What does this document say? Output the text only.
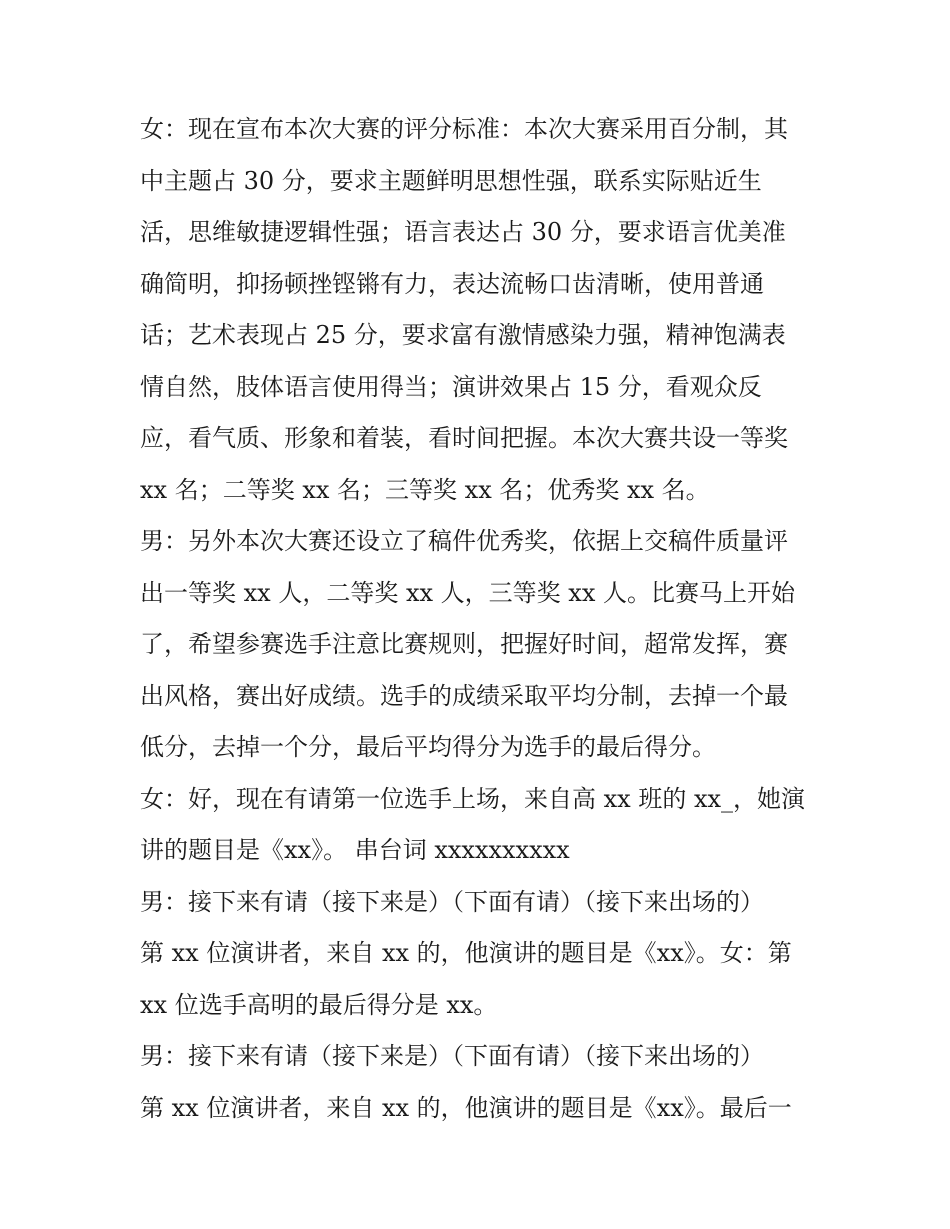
女：现在宣布本次大赛的评分标准：本次大赛采用百分制，其
中主题占 30 分，要求主题鲜明思想性强，联系实际贴近生
活，思维敏捷逻辑性强；语言表达占 30 分，要求语言优美准
确简明，抑扬顿挫铿锵有力，表达流畅口齿清晰，使用普通
话；艺术表现占 25 分，要求富有激情感染力强，精神饱满表
情自然，肢体语言使用得当；演讲效果占 15 分，看观众反
应，看气质、形象和着装，看时间把握。本次大赛共设一等奖
xx 名；二等奖 xx 名；三等奖 xx 名；优秀奖 xx 名。
男：另外本次大赛还设立了稿件优秀奖，依据上交稿件质量评
出一等奖 xx 人，二等奖 xx 人，三等奖 xx 人。比赛马上开始
了，希望参赛选手注意比赛规则，把握好时间，超常发挥，赛
出风格，赛出好成绩。选手的成绩采取平均分制，去掉一个最
低分，去掉一个分，最后平均得分为选手的最后得分。
女：好，现在有请第一位选手上场，来自高 xx 班的 xx_，她演
讲的题目是《xx》。 串台词 xxxxxxxxxx
男：接下来有请（接下来是）（下面有请）（接下来出场的）
第 xx 位演讲者，来自 xx 的，他演讲的题目是《xx》。女：第
xx 位选手高明的最后得分是 xx。
男：接下来有请（接下来是）（下面有请）（接下来出场的）
第 xx 位演讲者，来自 xx 的，他演讲的题目是《xx》。最后一
